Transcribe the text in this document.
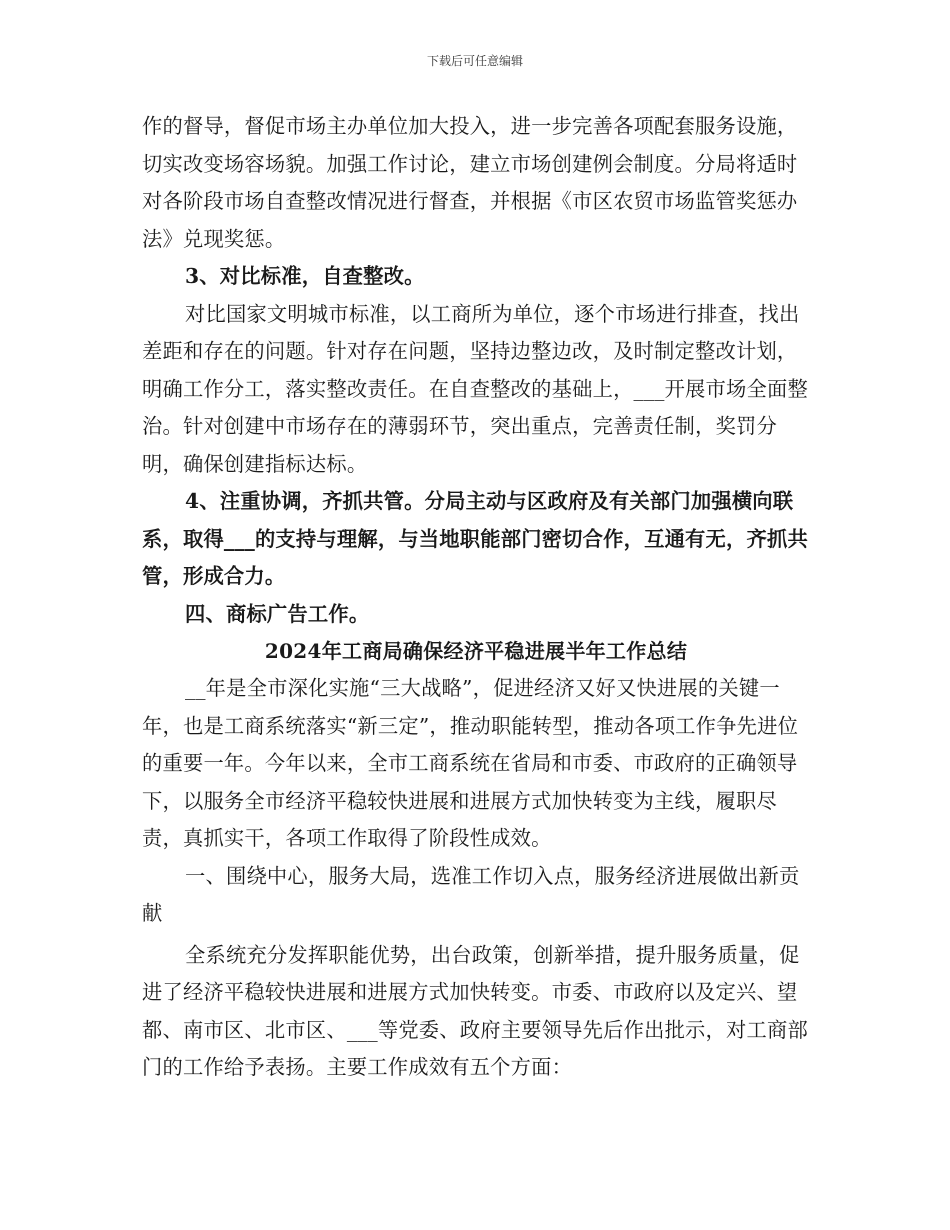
下载后可任意编辑

作的督导，督促市场主办单位加大投入，进一步完善各项配套服务设施，切实改变场容场貌。加强工作讨论，建立市场创建例会制度。分局将适时对各阶段市场自查整改情况进行督查，并根据《市区农贸市场监管奖惩办法》兑现奖惩。

3、对比标准，自查整改。

对比国家文明城市标准，以工商所为单位，逐个市场进行排查，找出差距和存在的问题。针对存在问题，坚持边整边改，及时制定整改计划，明确工作分工，落实整改责任。在自查整改的基础上，___开展市场全面整治。针对创建中市场存在的薄弱环节，突出重点，完善责任制，奖罚分明，确保创建指标达标。

4、注重协调，齐抓共管。分局主动与区政府及有关部门加强横向联系，取得___的支持与理解，与当地职能部门密切合作，互通有无，齐抓共管，形成合力。

四、商标广告工作。

2024年工商局确保经济平稳进展半年工作总结

__年是全市深化实施“三大战略”，促进经济又好又快进展的关键一年，也是工商系统落实“新三定”，推动职能转型，推动各项工作争先进位的重要一年。今年以来，全市工商系统在省局和市委、市政府的正确领导下，以服务全市经济平稳较快进展和进展方式加快转变为主线，履职尽责，真抓实干，各项工作取得了阶段性成效。

一、围绕中心，服务大局，选准工作切入点，服务经济进展做出新贡献

全系统充分发挥职能优势，出台政策，创新举措，提升服务质量，促进了经济平稳较快进展和进展方式加快转变。市委、市政府以及定兴、望都、南市区、北市区、___等党委、政府主要领导先后作出批示，对工商部门的工作给予表扬。主要工作成效有五个方面：
